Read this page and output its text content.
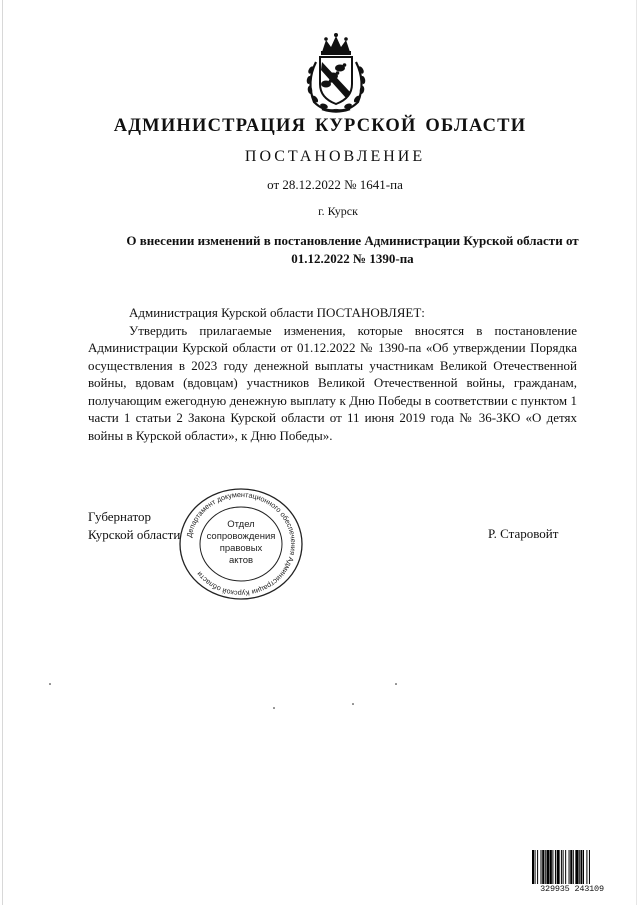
АДМИНИСТРАЦИЯ КУРСКОЙ ОБЛАСТИ
ПОСТАНОВЛЕНИЕ
от 28.12.2022 № 1641-па
г. Курск
О внесении изменений в постановление Администрации Курской области от 01.12.2022 № 1390-па

Администрация Курской области ПОСТАНОВЛЯЕТ:

Утвердить прилагаемые изменения, которые вносятся в постановление Администрации Курской области от 01.12.2022 № 1390-па «Об утверждении Порядка осуществления в 2023 году денежной выплаты участникам Великой Отечественной войны, вдовам (вдовцам) участников Великой Отечественной войны, гражданам, получающим ежегодную денежную выплату к Дню Победы в соответствии с пунктом 1 части 1 статьи 2 Закона Курской области от 11 июня 2019 года № 36-ЗКО «О детях войны в Курской области», к Дню Победы».

Губернатор
Курской области	Р. Старовойт
Департамент документационного обеспечения Администрации Курской области
Отдел
сопровождения
правовых
актов
329935 243109
